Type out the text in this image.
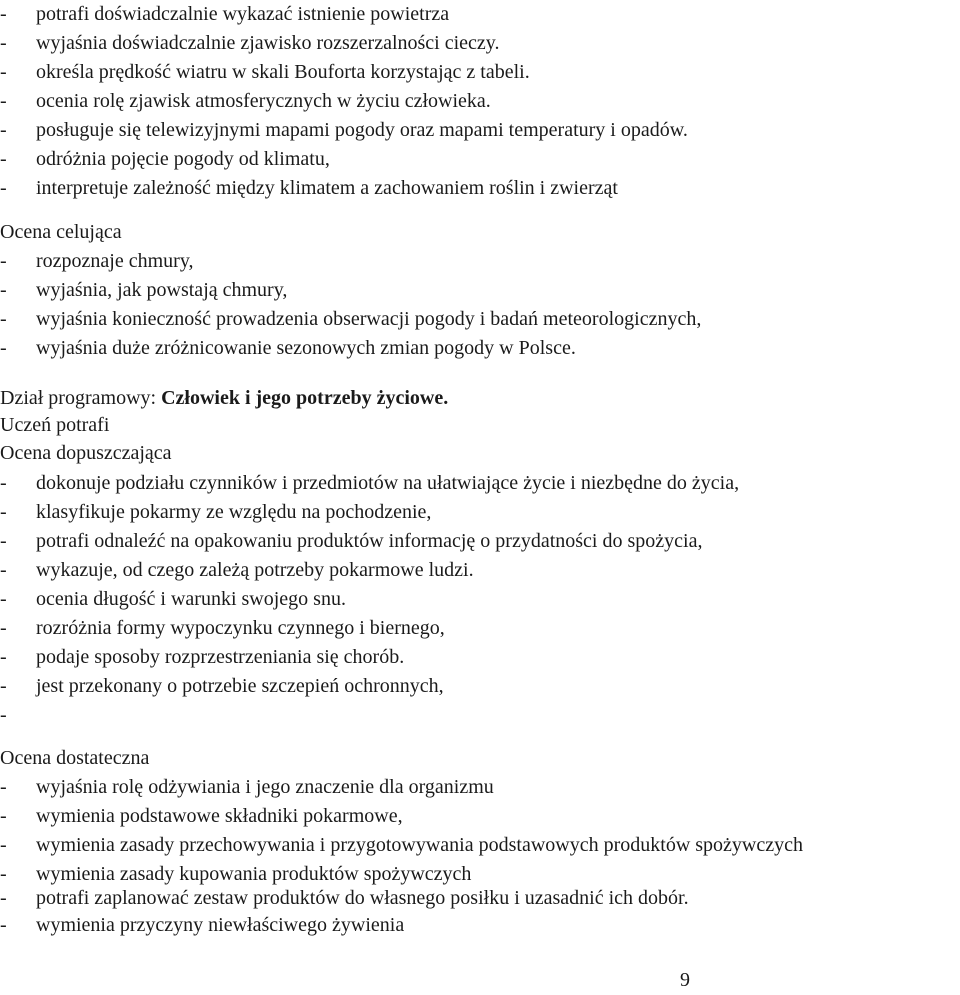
- potrafi doświadczalnie wykazać istnienie powietrza
- wyjaśnia doświadczalnie zjawisko rozszerzalności cieczy.
- określa prędkość wiatru w skali Bouforta korzystając z tabeli.
- ocenia rolę zjawisk atmosferycznych w życiu człowieka.
- posługuje się telewizyjnymi mapami pogody oraz mapami temperatury i opadów.
- odróżnia pojęcie pogody od klimatu,
- interpretuje zależność między klimatem a zachowaniem roślin i zwierząt
Ocena celująca
- rozpoznaje chmury,
- wyjaśnia, jak powstają chmury,
- wyjaśnia konieczność prowadzenia obserwacji pogody i badań meteorologicznych,
- wyjaśnia duże zróżnicowanie sezonowych zmian pogody w Polsce.
Dział programowy: Człowiek i jego potrzeby życiowe.
Uczeń potrafi
Ocena dopuszczająca
- dokonuje podziału czynników i przedmiotów na ułatwiające życie i niezbędne do życia,
- klasyfikuje pokarmy ze względu na pochodzenie,
- potrafi odnaleźć na opakowaniu produktów informację o przydatności do spożycia,
- wykazuje, od czego zależą potrzeby pokarmowe ludzi.
- ocenia długość i warunki swojego snu.
- rozróżnia formy wypoczynku czynnego i biernego,
- podaje sposoby rozprzestrzeniania się chorób.
- jest przekonany o potrzebie szczepień ochronnych,
-
Ocena dostateczna
- wyjaśnia rolę odżywiania i jego znaczenie dla organizmu
- wymienia podstawowe składniki pokarmowe,
- wymienia zasady przechowywania i przygotowywania podstawowych produktów spożywczych
- wymienia zasady kupowania produktów spożywczych
- potrafi zaplanować zestaw produktów do własnego posiłku i uzasadnić ich dobór.
- wymienia przyczyny niewłaściwego żywienia
9
